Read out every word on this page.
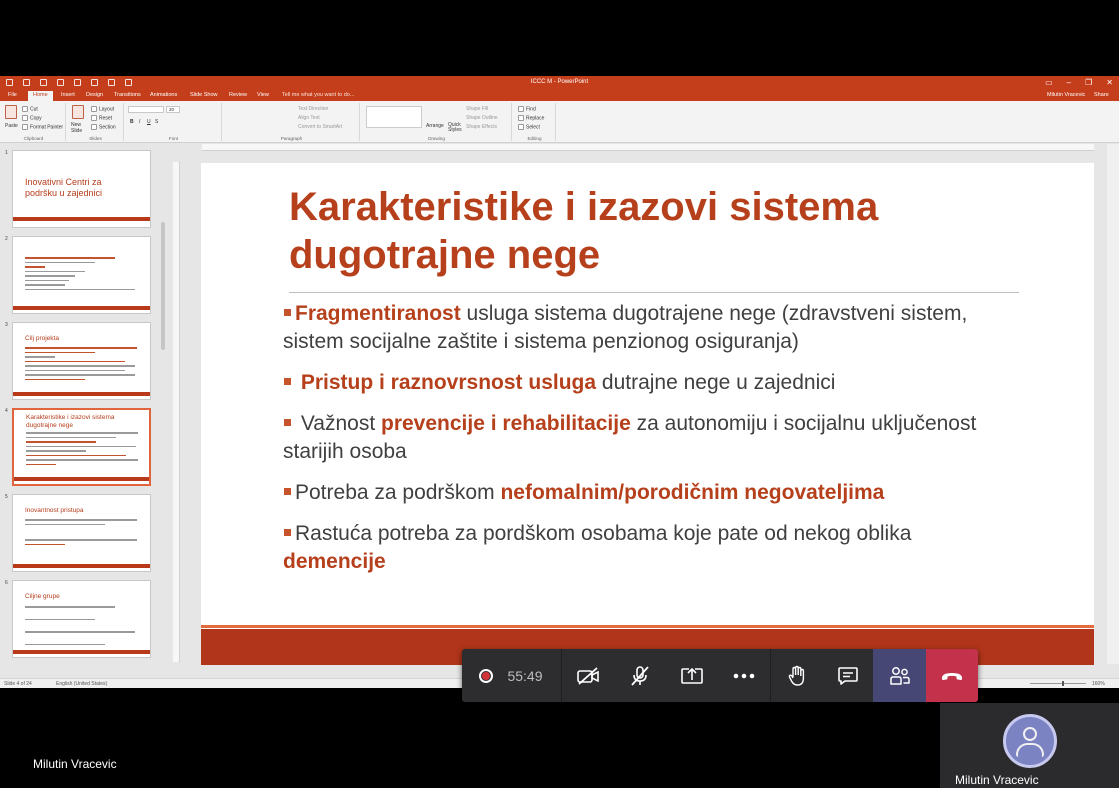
ICCC M - PowerPoint	▭ – ❐ ✕
File	Home	Insert Design Transitions Animations Slide Show Review View Tell me what you want to do...	Milutin Vracevic Share
Paste
Cut
Copy
Format Painter
Clipboard
New Slide
Layout
Reset
Section
Slides
20
B I U S
Font
Text Direction
Align Text
Convert to SmartArt
Paragraph
Arrange Quick Styles
Shape Fill
Shape Outline
Shape Effects
Drawing
Find
Replace
Select
Editing
1
Inovativni Centri za podršku u zajednici
2
3
Cilj projekta
4
Karakteristike i izazovi sistema dugotrajne nege
5
Inovantnost pristupa
6
Ciljne grupe
Karakteristike i izazovi sistema dugotrajne nege
Fragmentiranost usluga sistema dugotrajene nege (zdravstveni sistem, sistem socijalne zaštite i sistema penzionog osiguranja)
Pristup i raznovrsnost usluga dutrajne nege u zajednici
Važnost prevencije i rehabilitacije za autonomiju i socijalnu uključenost starijih osoba
Potreba za podrškom nefomalnim/porodičnim negovateljima
Rastuća potreba za pordškom osobama koje pate od nekog oblika demencije
Slide 4 of 24	English (United States)	160%
55:49
Milutin Vracevic
Milutin Vracevic
